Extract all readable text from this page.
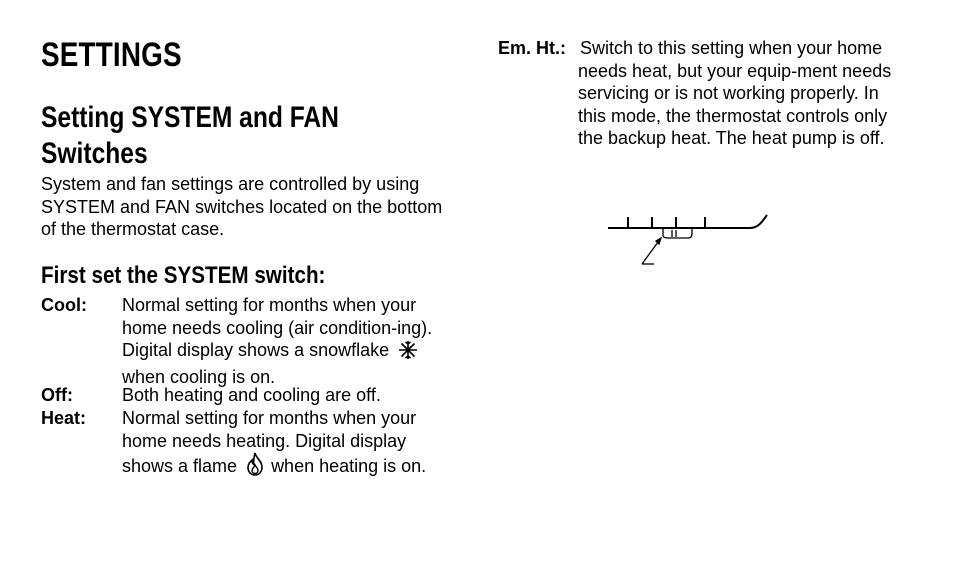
SETTINGS
Setting SYSTEM and FAN
Switches
System and fan settings are controlled by using SYSTEM and FAN switches located on the bottom of the thermostat case.
First set the SYSTEM switch:
Cool: Normal setting for months when your home needs cooling (air condition-ing). Digital display shows a snowflakewhen cooling is on.
Off:	Both heating and cooling are off.
Heat: Normal setting for months when your home needs heating. Digital display shows a flame when heating is on.
Em. Ht.: Switch to this setting when your home needs heat, but your equip-ment needs servicing or is not working properly. In this mode, the thermostat controls only the backup heat. The heat pump is off.
